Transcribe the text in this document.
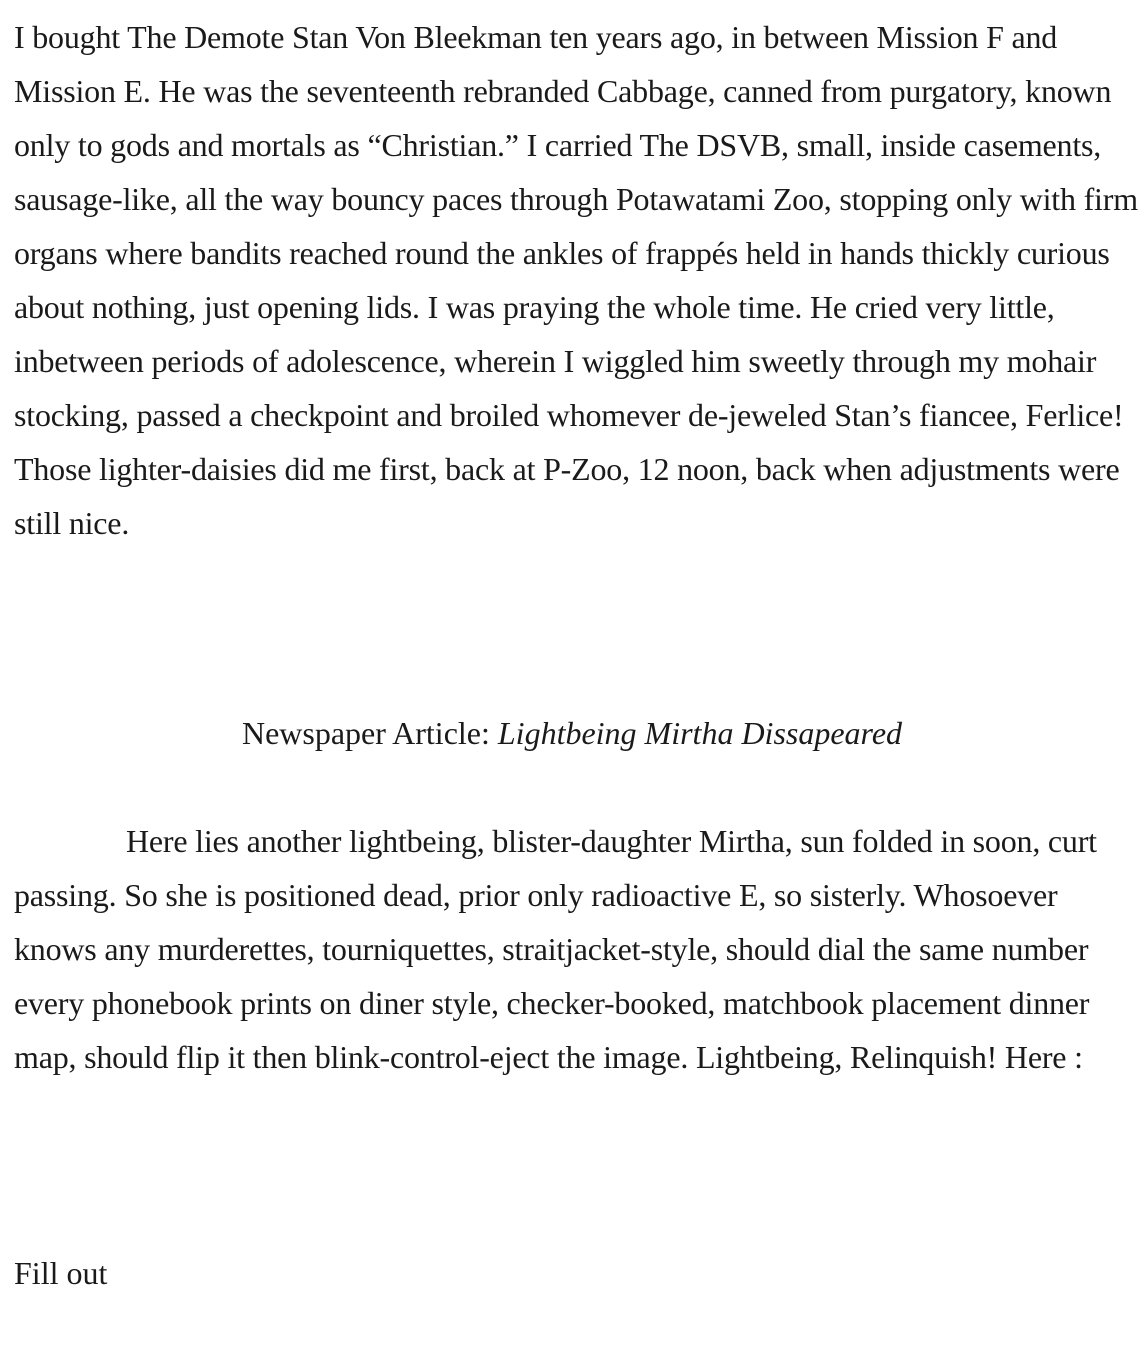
I bought The Demote Stan Von Bleekman ten years ago, in between Mission F and Mission E. He was the seventeenth rebranded Cabbage, canned from purgatory, known only to gods and mortals as “Christian.” I carried The DSVB, small, inside casements, sausage-like, all the way bouncy paces through Potawatami Zoo, stopping only with firm organs where bandits reached round the ankles of frappés held in hands thickly curious about nothing, just opening lids. I was praying the whole time. He cried very little, inbetween periods of adolescence, wherein I wiggled him sweetly through my mohair stocking, passed a checkpoint and broiled whomever de-jeweled Stan’s fiancee, Ferlice! Those lighter-daisies did me first, back at P-Zoo, 12 noon, back when adjustments were still nice.

Newspaper Article: Lightbeing Mirtha Dissapeared

Here lies another lightbeing, blister-daughter Mirtha, sun folded in soon, curt passing. So she is positioned dead, prior only radioactive E, so sisterly. Whosoever knows any murderettes, tourniquettes, straitjacket-style, should dial the same number every phonebook prints on diner style, checker-booked, matchbook placement dinner map, should flip it then blink-control-eject the image. Lightbeing, Relinquish! Here :

Fill out
